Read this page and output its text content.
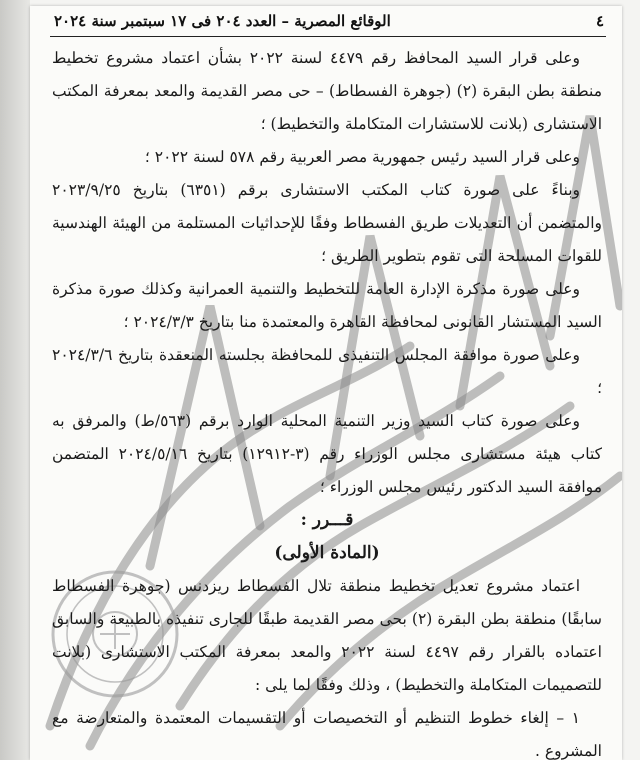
٤
الوقائع المصرية – العدد ٢٠٤ فى ١٧ سبتمبر سنة ٢٠٢٤

وعلى قرار السيد المحافظ رقم ٤٤٧٩ لسنة ٢٠٢٢ بشأن اعتماد مشروع تخطيط منطقة بطن البقرة (٢) (جوهرة الفسطاط) – حى مصر القديمة والمعد بمعرفة المكتب الاستشارى (بلانت للاستشارات المتكاملة والتخطيط) ؛

وعلى قرار السيد رئيس جمهورية مصر العربية رقم ٥٧٨ لسنة ٢٠٢٢ ؛

وبناءً على صورة كتاب المكتب الاستشارى برقم (٦٣٥١) بتاريخ ٢٠٢٣/٩/٢٥ والمتضمن أن التعديلات طريق الفسطاط وفقًا للإحداثيات المستلمة من الهيئة الهندسية للقوات المسلحة التى تقوم بتطوير الطريق ؛

وعلى صورة مذكرة الإدارة العامة للتخطيط والتنمية العمرانية وكذلك صورة مذكرة السيد المستشار القانونى لمحافظة القاهرة والمعتمدة منا بتاريخ ٢٠٢٤/٣/٣ ؛

وعلى صورة موافقة المجلس التنفيذى للمحافظة بجلسته المنعقدة بتاريخ ٢٠٢٤/٣/٦ ؛

وعلى صورة كتاب السيد وزير التنمية المحلية الوارد برقم (٥٦٣/ط) والمرفق به كتاب هيئة مستشارى مجلس الوزراء رقم (٣-١٢٩١٢) بتاريخ ٢٠٢٤/٥/١٦ المتضمن موافقة السيد الدكتور رئيس مجلس الوزراء ؛

قـــرر :

(المادة الأولى)

اعتماد مشروع تعديل تخطيط منطقة تلال الفسطاط ريزدنس (جوهرة الفسطاط سابقًا) منطقة بطن البقرة (٢) بحى مصر القديمة طبقًا للجارى تنفيذه بالطبيعة والسابق اعتماده بالقرار رقم ٤٤٩٧ لسنة ٢٠٢٢ والمعد بمعرفة المكتب الاستشارى (بلانت للتصميمات المتكاملة والتخطيط) ، وذلك وفقًا لما يلى :

١ – إلغاء خطوط التنظيم أو التخصيصات أو التقسيمات المعتمدة والمتعارضة مع المشروع .
